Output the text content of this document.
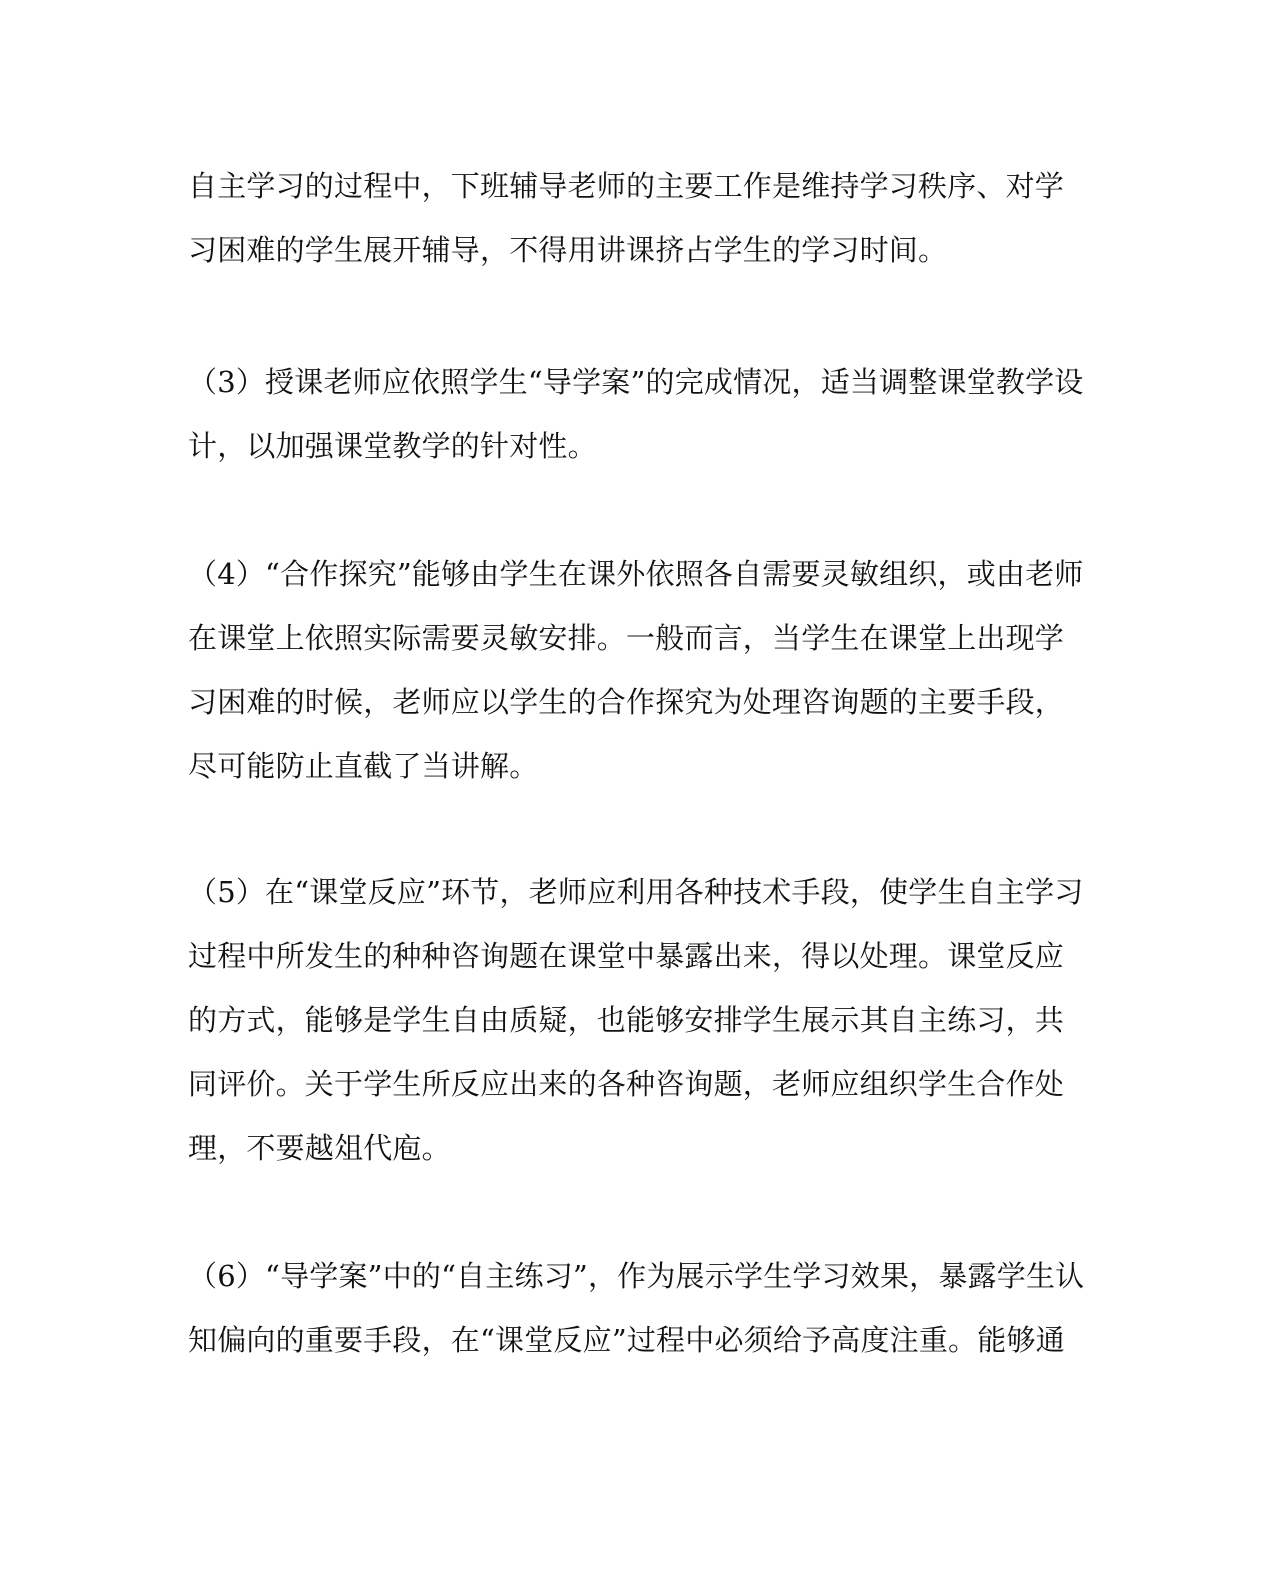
自主学习的过程中，下班辅导老师的主要工作是维持学习秩序、对学
习困难的学生展开辅导，不得用讲课挤占学生的学习时间。
（3）授课老师应依照学生“导学案”的完成情况，适当调整课堂教学设
计，以加强课堂教学的针对性。
（4）“合作探究”能够由学生在课外依照各自需要灵敏组织，或由老师
在课堂上依照实际需要灵敏安排。一般而言，当学生在课堂上出现学
习困难的时候，老师应以学生的合作探究为处理咨询题的主要手段，
尽可能防止直截了当讲解。
（5）在“课堂反应”环节，老师应利用各种技术手段，使学生自主学习
过程中所发生的种种咨询题在课堂中暴露出来，得以处理。课堂反应
的方式，能够是学生自由质疑，也能够安排学生展示其自主练习，共
同评价。关于学生所反应出来的各种咨询题，老师应组织学生合作处
理，不要越俎代庖。
（6）“导学案”中的“自主练习”，作为展示学生学习效果，暴露学生认
知偏向的重要手段，在“课堂反应”过程中必须给予高度注重。能够通
